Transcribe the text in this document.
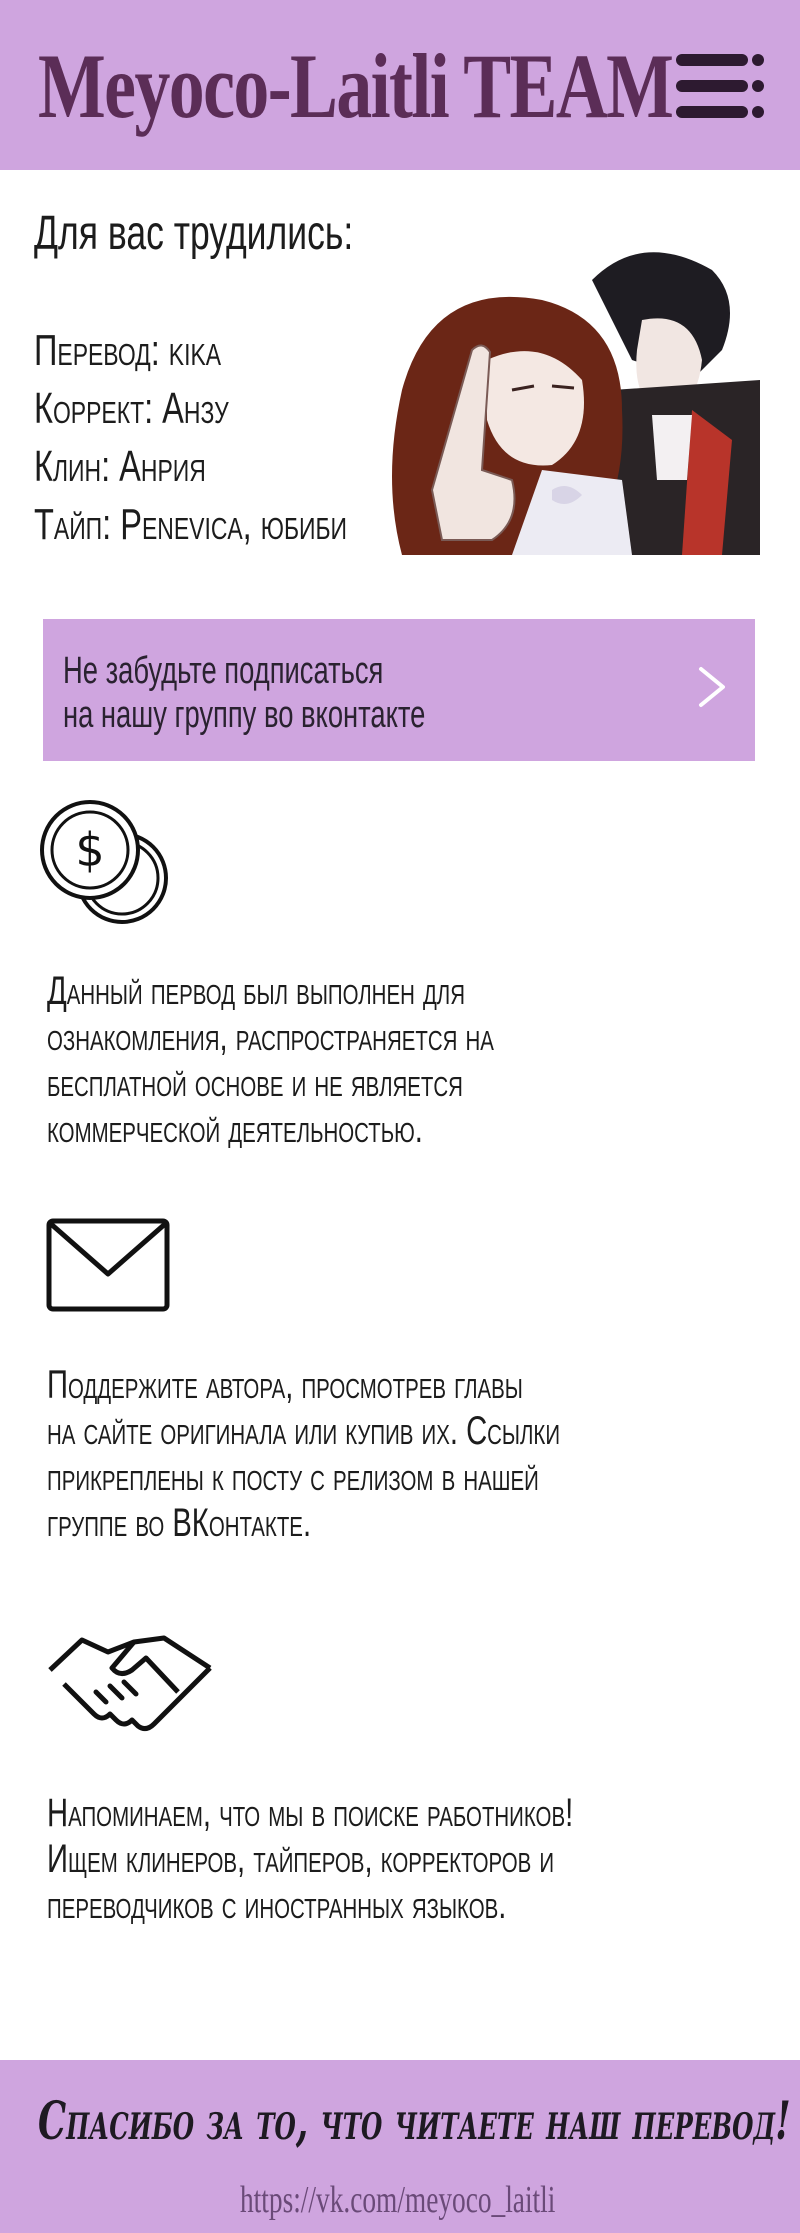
Meyoco-Laitli TEAM
Для вас трудились:
Перевод: kika
Коррект: Анзу
Клин: Анрия
Тайп: Penevica, юбиби
Не забудьте подписаться
на нашу группу во вконтакте
$
Данный первод был выполнен для
ознакомления, распространяется на
бесплатной основе и не является
коммерческой деятельностью.
Поддержите автора, просмотрев главы
на сайте оригинала или купив их. Ссылки
прикреплены к посту с релизом в нашей
группе во ВКонтакте.
Напоминаем, что мы в поиске работников!
Ищем клинеров, тайперов, корректоров и
переводчиков с иностранных языков.
Спасибо за то, что читаете наш перевод!
https://vk.com/meyoco_laitli
